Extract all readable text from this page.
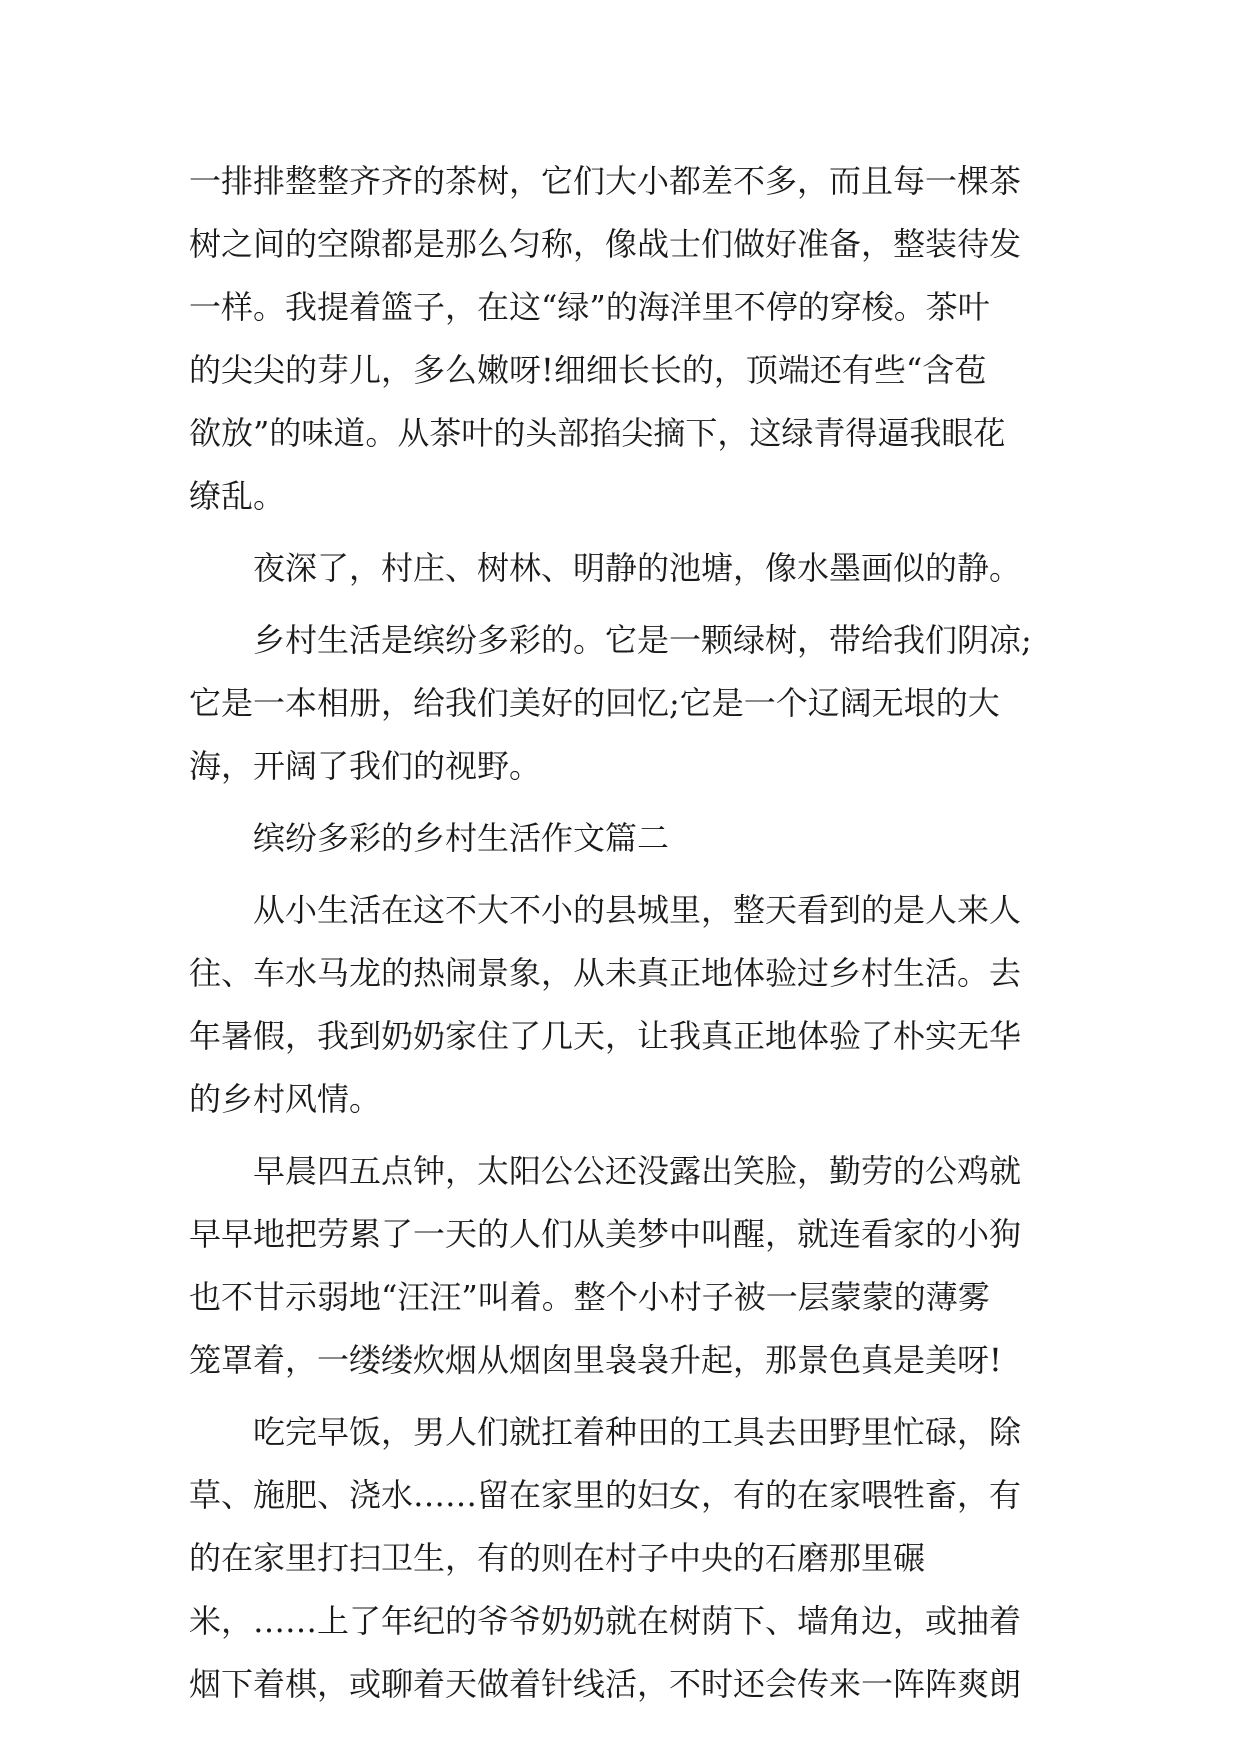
一排排整整齐齐的茶树，它们大小都差不多，而且每一棵茶
树之间的空隙都是那么匀称，像战士们做好准备，整装待发
一样。我提着篮子，在这“绿”的海洋里不停的穿梭。茶叶
的尖尖的芽儿，多么嫩呀!细细长长的，顶端还有些“含苞
欲放”的味道。从茶叶的头部掐尖摘下，这绿青得逼我眼花
缭乱。
夜深了，村庄、树林、明静的池塘，像水墨画似的静。
乡村生活是缤纷多彩的。它是一颗绿树，带给我们阴凉;
它是一本相册，给我们美好的回忆;它是一个辽阔无垠的大
海，开阔了我们的视野。
缤纷多彩的乡村生活作文篇二
从小生活在这不大不小的县城里，整天看到的是人来人
往、车水马龙的热闹景象，从未真正地体验过乡村生活。去
年暑假，我到奶奶家住了几天，让我真正地体验了朴实无华
的乡村风情。
早晨四五点钟，太阳公公还没露出笑脸，勤劳的公鸡就
早早地把劳累了一天的人们从美梦中叫醒，就连看家的小狗
也不甘示弱地“汪汪”叫着。整个小村子被一层蒙蒙的薄雾
笼罩着，一缕缕炊烟从烟囱里袅袅升起，那景色真是美呀!
吃完早饭，男人们就扛着种田的工具去田野里忙碌，除
草、施肥、浇水……留在家里的妇女，有的在家喂牲畜，有
的在家里打扫卫生，有的则在村子中央的石磨那里碾
米，……上了年纪的爷爷奶奶就在树荫下、墙角边，或抽着
烟下着棋，或聊着天做着针线活，不时还会传来一阵阵爽朗
